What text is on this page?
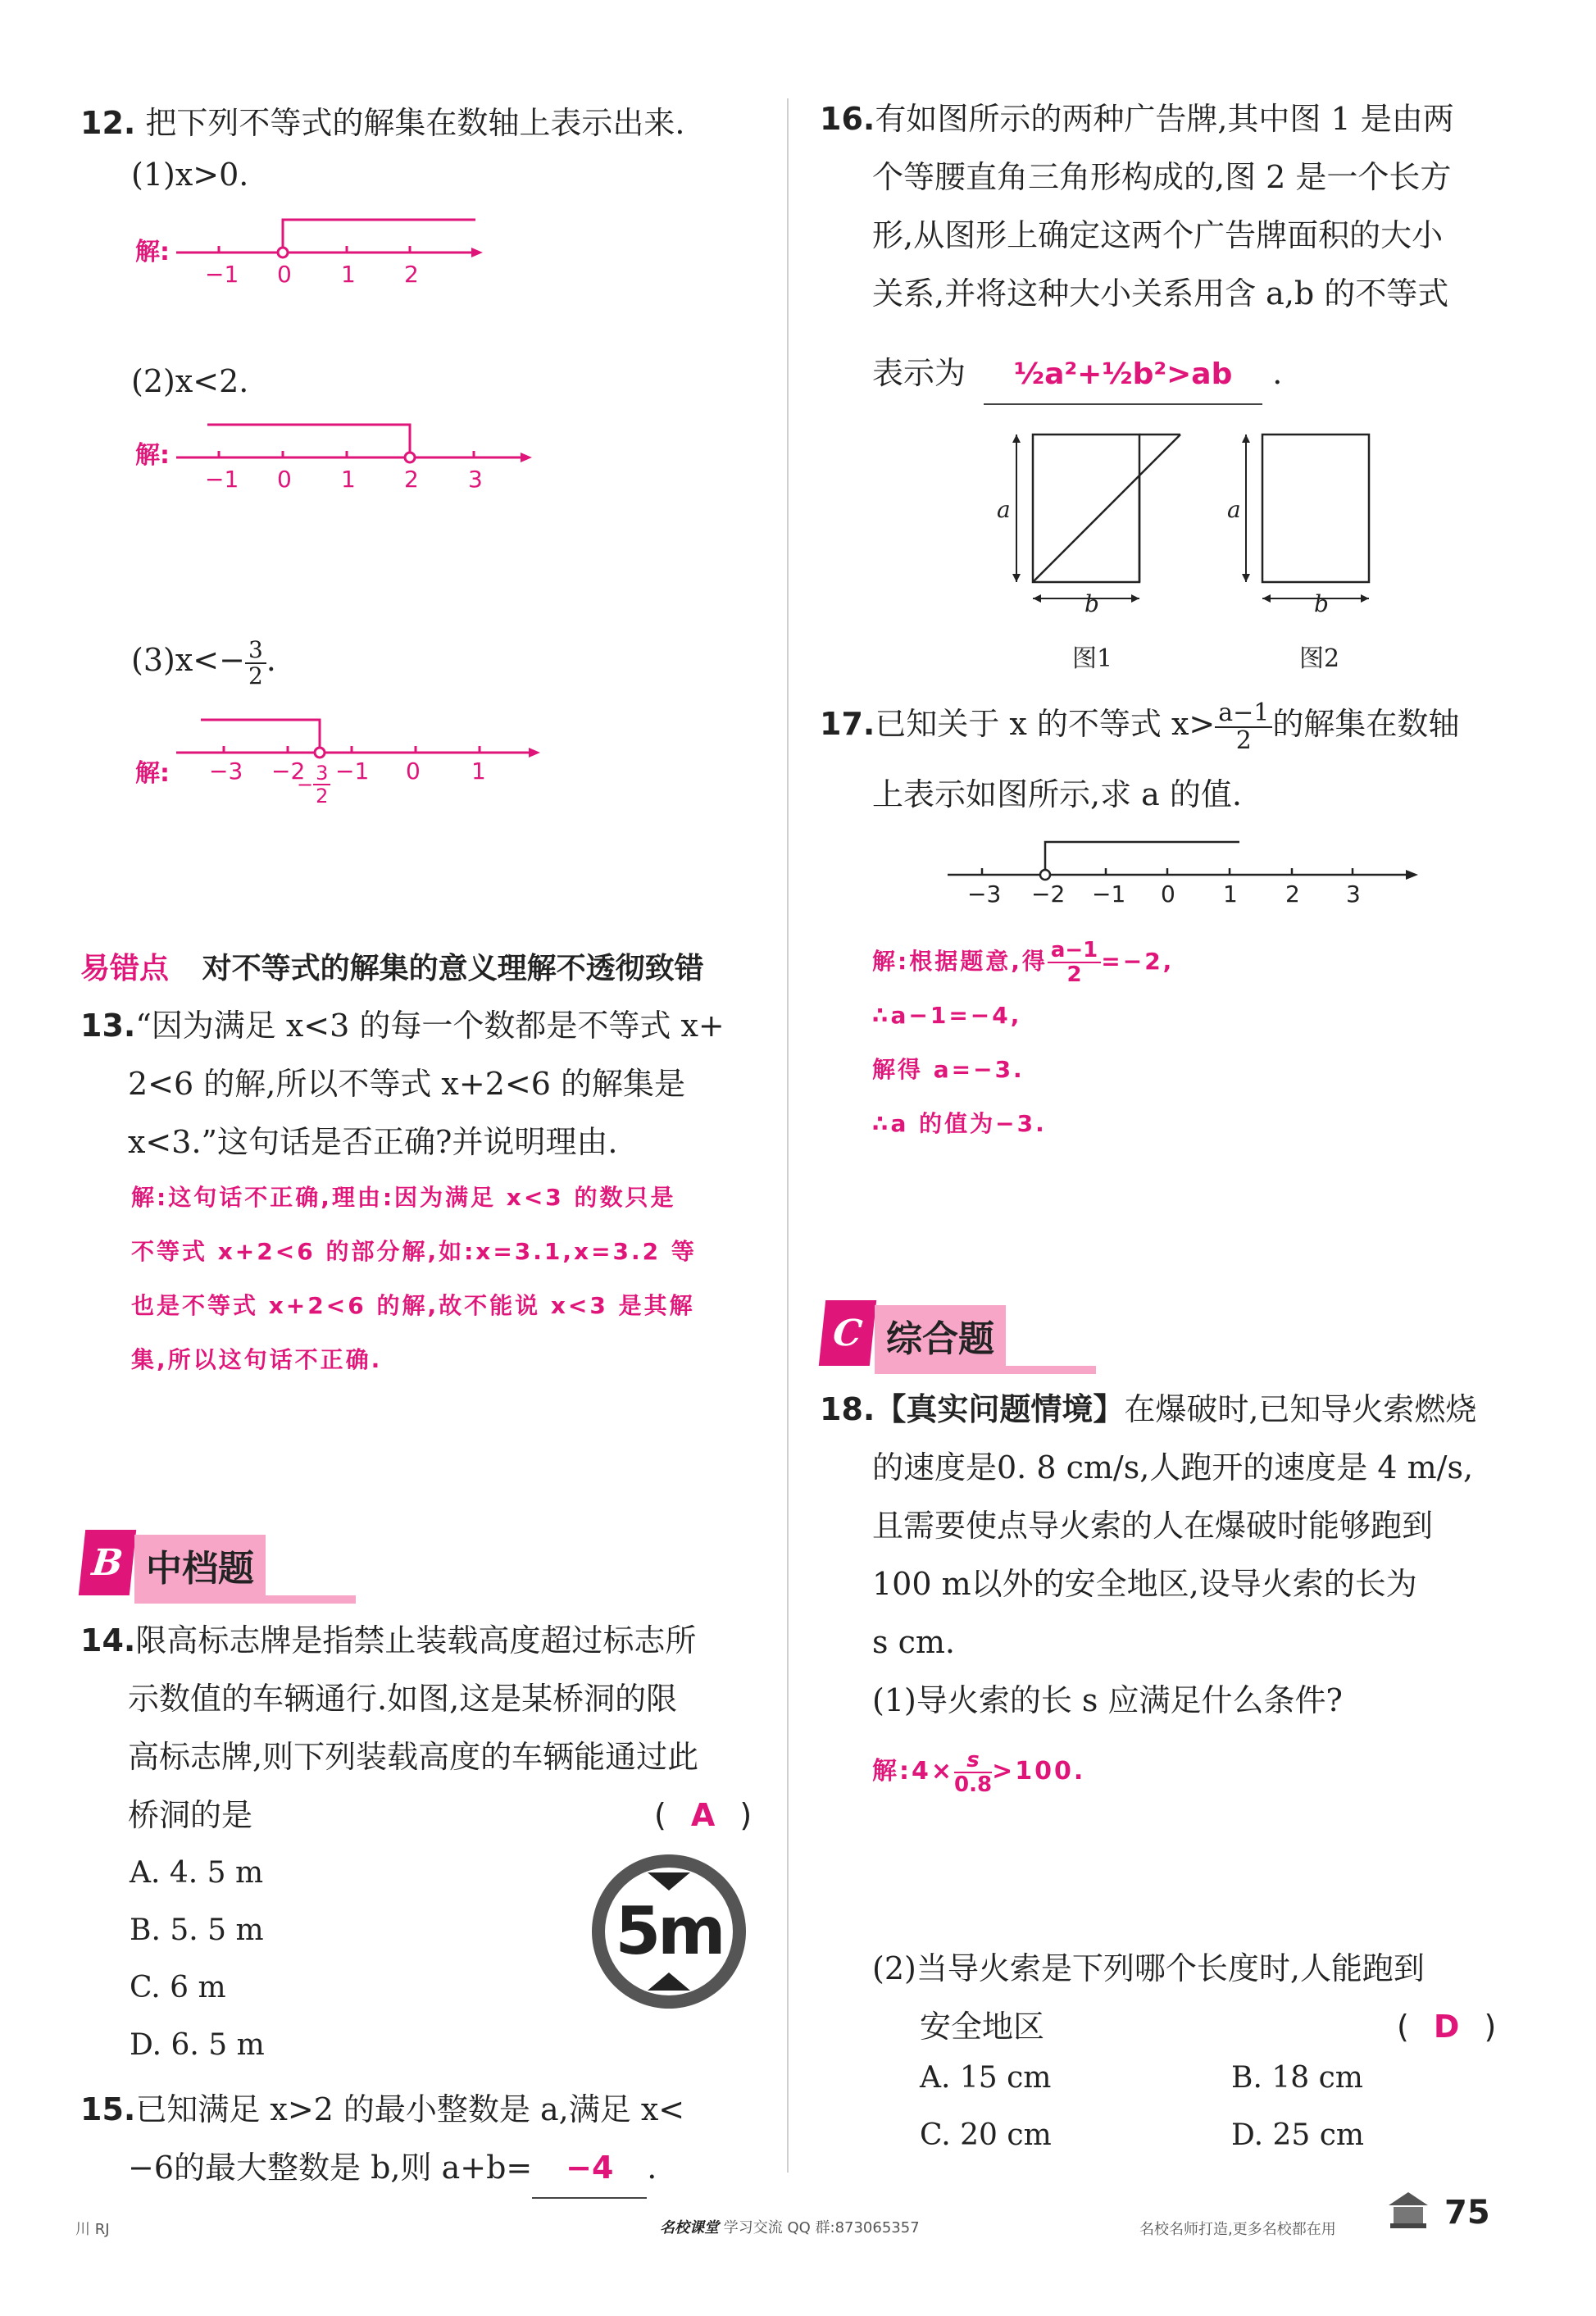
12. 把下列不等式的解集在数轴上表示出来.
(1)x>0.
解:
−1 0 1 2
(2)x<2.
解:
−1 0 1 2 3
$(3)x<- \frac{3}{2}$ .
解: −3 −2 −1 0 1
− $\frac{3}{2}$
易错点 对不等式的解集的意义理解不透彻致错
13.“因为满足 x<3 的每一个数都是不等式 x+
2<6 的解,所以不等式 x+2<6 的解集是
x<3.”这句话是否正确?并说明理由.
解:这句话不正确,理由:因为满足 x<3 的数只是
不等式 x+2<6 的部分解,如:x=3.1,x=3.2 等
也是不等式 x+2<6 的解,故不能说 x<3 是其解
集,所以这句话不正确.
B 中档题
14.限高标志牌是指禁止装载高度超过标志所
示数值的车辆通行.如图,这是某桥洞的限
高标志牌,则下列装载高度的车辆能通过此
桥洞的是	( A )
A. 4. 5 m
B. 5. 5 m
C. 6 m
D. 6. 5 m
5m
15.已知满足 x>2 的最小整数是 a,满足 x<
−6的最大整数是 b,则 a+b= −4 .
16.有如图所示的两种广告牌,其中图 1 是由两
个等腰直角三角形构成的,图 2 是一个长方
形,从图形上确定这两个广告牌面积的大小
关系,并将这种大小关系用含 a,b 的不等式
表示为 ½a²+½b²>ab .
a
b
a
b
图1	图2
17.已知关于 x 的不等式 $x> \frac{a-1}{2}$ 的解集在数轴
上表示如图所示,求 a 的值.
−3 −2 −1 0 1 2 3
解:根据题意,得 $\frac{a-1}{2} =-2$,
∴a−1=−4,
解得 a=−3.
∴a 的值为−3.
C 综合题
18.【真实问题情境】在爆破时,已知导火索燃烧
的速度是0. 8 cm/s,人跑开的速度是 4 m/s,
且需要使点导火索的人在爆破时能够跑到
100 m以外的安全地区,设导火索的长为
s cm.
(1)导火索的长 s 应满足什么条件?
解:4× $\frac{s}{0.8} >100$.
(2)当导火索是下列哪个长度时,人能跑到
安全地区	( D )
A. 15 cm	B. 18 cm
C. 20 cm	D. 25 cm
川 RJ	名校课堂 学习交流 QQ 群:873065357	名校名师打造,更多名校都在用	75
